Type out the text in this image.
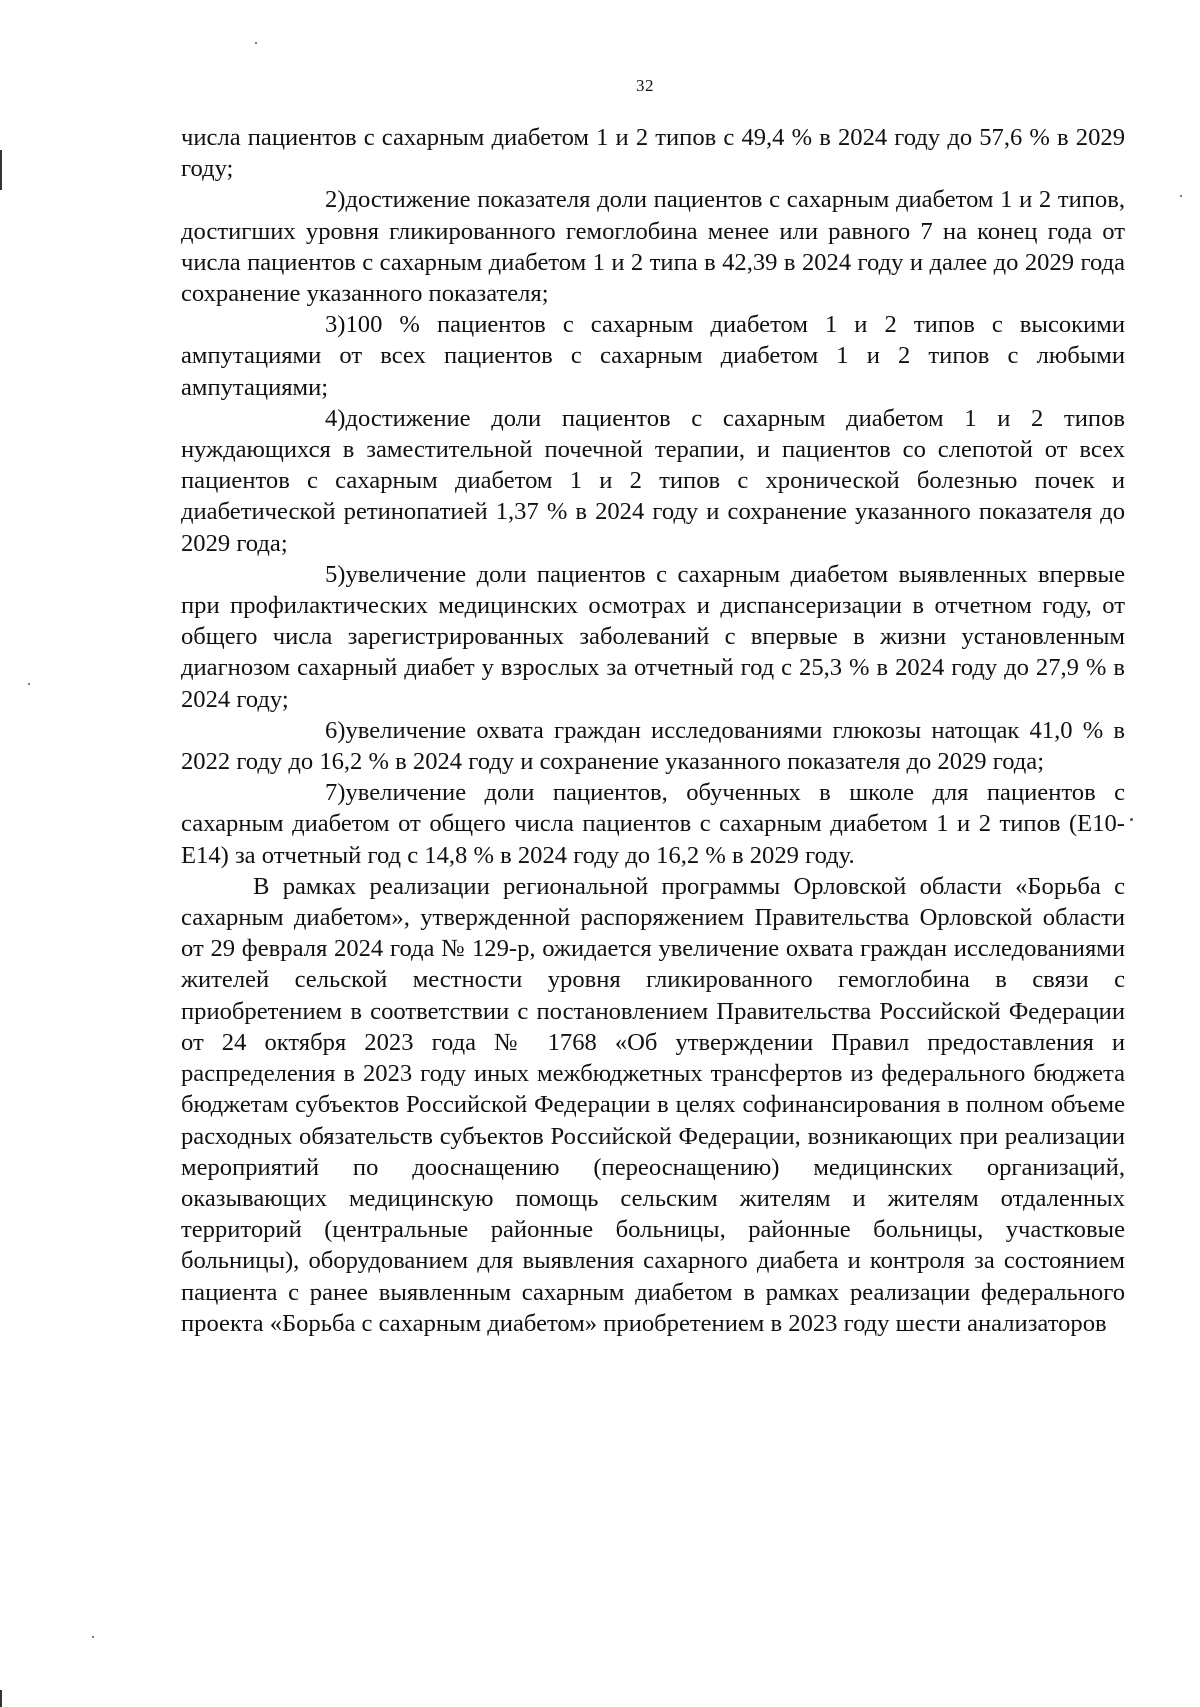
32

числа пациентов с сахарным диабетом 1 и 2 типов с 49,4 % в 2024 году до 57,6 % в 2029 году;

2)достижение показателя доли пациентов с сахарным диабетом 1 и 2 типов, достигших уровня гликированного гемоглобина менее или равного 7 на конец года от числа пациентов с сахарным диабетом 1 и 2 типа в 42,39 в 2024 году и далее до 2029 года сохранение указанного показателя;

3)100 % пациентов с сахарным диабетом 1 и 2 типов с высокими ампутациями от всех пациентов с сахарным диабетом 1 и 2 типов с любыми ампутациями;

4)достижение доли пациентов с сахарным диабетом 1 и 2 типов нуждающихся в заместительной почечной терапии, и пациентов со слепотой от всех пациентов с сахарным диабетом 1 и 2 типов с хронической болезнью почек и диабетической ретинопатией 1,37 % в 2024 году и сохранение указанного показателя до 2029 года;

5)увеличение доли пациентов с сахарным диабетом выявленных впервые при профилактических медицинских осмотрах и диспансеризации в отчетном году, от общего числа зарегистрированных заболеваний с впервые в жизни установленным диагнозом сахарный диабет у взрослых за отчетный год с 25,3 % в 2024 году до 27,9 % в 2024 году;

6)увеличение охвата граждан исследованиями глюкозы натощак 41,0 % в 2022 году до 16,2 % в 2024 году и сохранение указанного показателя до 2029 года;

7)увеличение доли пациентов, обученных в школе для пациентов с сахарным диабетом от общего числа пациентов с сахарным диабетом 1 и 2 типов (Е10-Е14) за отчетный год с 14,8 % в 2024 году до 16,2 % в 2029 году.

В рамках реализации региональной программы Орловской области «Борьба с сахарным диабетом», утвержденной распоряжением Правительства Орловской области от 29 февраля 2024 года № 129-р, ожидается увеличение охвата граждан исследованиями жителей сельской местности уровня гликированного гемоглобина в связи с приобретением в соответствии с постановлением Правительства Российской Федерации от 24 октября 2023 года № 1768 «Об утверждении Правил предоставления и распределения в 2023 году иных межбюджетных трансфертов из федерального бюджета бюджетам субъектов Российской Федерации в целях софинансирования в полном объеме расходных обязательств субъектов Российской Федерации, возникающих при реализации мероприятий по дооснащению (переоснащению) медицинских организаций, оказывающих медицинскую помощь сельским жителям и жителям отдаленных территорий (центральные районные больницы, районные больницы, участковые больницы), оборудованием для выявления сахарного диабета и контроля за состоянием пациента с ранее выявленным сахарным диабетом в рамках реализации федерального проекта «Борьба с сахарным диабетом» приобретением в 2023 году шести анализаторов
